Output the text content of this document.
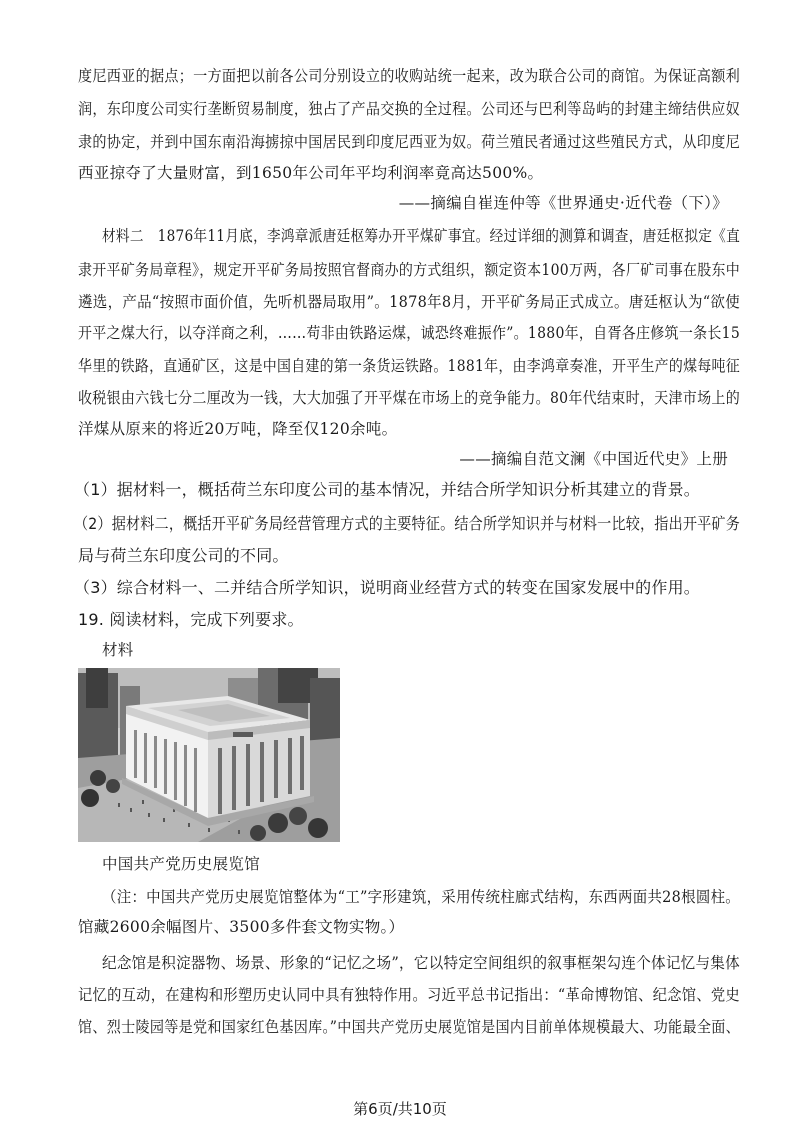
度尼西亚的据点；一方面把以前各公司分别设立的收购站统一起来，改为联合公司的商馆。为保证高额利
润，东印度公司实行垄断贸易制度，独占了产品交换的全过程。公司还与巴利等岛屿的封建主缔结供应奴
隶的协定，并到中国东南沿海掳掠中国居民到印度尼西亚为奴。荷兰殖民者通过这些殖民方式，从印度尼
西亚掠夺了大量财富，到1650年公司年平均利润率竟高达500%。
——摘编自崔连仲等《世界通史·近代卷（下）》
材料二　1876年11月底，李鸿章派唐廷枢筹办开平煤矿事宜。经过详细的测算和调查，唐廷枢拟定《直
隶开平矿务局章程》，规定开平矿务局按照官督商办的方式组织，额定资本100万两，各厂矿司事在股东中
遴选，产品“按照市面价值，先听机器局取用”。1878年8月，开平矿务局正式成立。唐廷枢认为“欲使
开平之煤大行，以夺洋商之利，……苟非由铁路运煤，诚恐终难振作”。1880年，自胥各庄修筑一条长15
华里的铁路，直通矿区，这是中国自建的第一条货运铁路。1881年，由李鸿章奏准，开平生产的煤每吨征
收税银由六钱七分二厘改为一钱，大大加强了开平煤在市场上的竞争能力。80年代结束时，天津市场上的
洋煤从原来的将近20万吨，降至仅120余吨。
——摘编自范文澜《中国近代史》上册
（1）据材料一，概括荷兰东印度公司的基本情况，并结合所学知识分析其建立的背景。
（2）据材料二，概括开平矿务局经营管理方式的主要特征。结合所学知识并与材料一比较，指出开平矿务
局与荷兰东印度公司的不同。
（3）综合材料一、二并结合所学知识，说明商业经营方式的转变在国家发展中的作用。
19. 阅读材料，完成下列要求。
材料
中国共产党历史展览馆
（注：中国共产党历史展览馆整体为“工”字形建筑，采用传统柱廊式结构，东西两面共28根圆柱。
馆藏2600余幅图片、3500多件套文物实物。）
纪念馆是积淀器物、场景、形象的“记忆之场”，它以特定空间组织的叙事框架勾连个体记忆与集体
记忆的互动，在建构和形塑历史认同中具有独特作用。习近平总书记指出：“革命博物馆、纪念馆、党史
馆、烈士陵园等是党和国家红色基因库。”中国共产党历史展览馆是国内目前单体规模最大、功能最全面、
第6页/共10页
